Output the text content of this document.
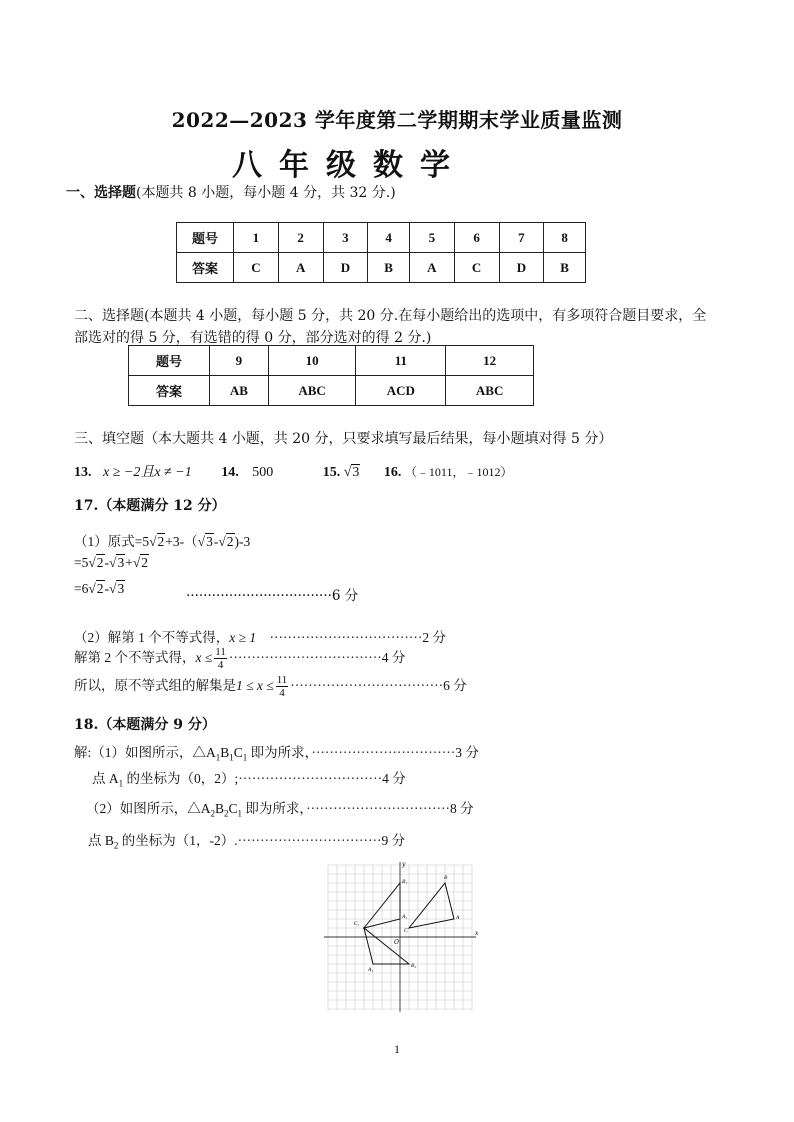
2022—2023 学年度第二学期期末学业质量监测
八年级数学
一、选择题(本题共 8 小题，每小题 4 分，共 32 分.)
题号	1	2	3	4	5	6	7	8
答案	C	A	D	B	A	C	D	B
二、选择题(本题共 4 小题，每小题 5 分，共 20 分.在每小题给出的选项中，有多项符合题目要求，全
部选对的得 5 分，有选错的得 0 分，部分选对的得 2 分.)
题号	9	10	11	12
答案	AB	ABC	ACD	ABC
三、填空题（本大题共 4 小题，共 20 分，只要求填写最后结果，每小题填对得 5 分）
13. x ≥ −2且x ≠ −1 14. 500	15. √3 16. （﹣1011，﹣1012）
17.（本题满分 12 分）
（1）原式=5√2+3-（√3-√2)-3
=5√2-√3+√2
=6√2-√3	··································6 分
（2）解第 1 个不等式得，x ≥ 1 ··································2 分
解第 2 个不等式得，$x \le \frac{11}{4} \cdot\cdot\cdot\cdot\cdot\cdot\cdot\cdot\cdot\cdot\cdot\cdot\cdot\cdot\cdot\cdot\cdot\cdot\cdot\cdot\cdot\cdot\cdot\cdot\cdot\cdot\cdot\cdot\cdot\cdot\cdot\cdot\cdot\cdot 4$ 分
所以，原不等式组的解集是$1 \le x \le \frac{11}{4} \cdot\cdot\cdot\cdot\cdot\cdot\cdot\cdot\cdot\cdot\cdot\cdot\cdot\cdot\cdot\cdot\cdot\cdot\cdot\cdot\cdot\cdot\cdot\cdot\cdot\cdot\cdot\cdot\cdot\cdot\cdot\cdot\cdot\cdot 6$ 分
18.（本题满分 9 分）
解:（1）如图所示，$\triangle A_1B_1C_1$ 即为所求，································3 分
点 $A_1$ 的坐标为（0，2）;································4 分
（2）如图所示，$\triangle A_2B_2C_1$ 即为所求，································8 分
点 $B_2$ 的坐标为（1，-2）.································9 分
x
y
O
B₁
A₁
C₁
A₁
B₂
B
A
C
1
